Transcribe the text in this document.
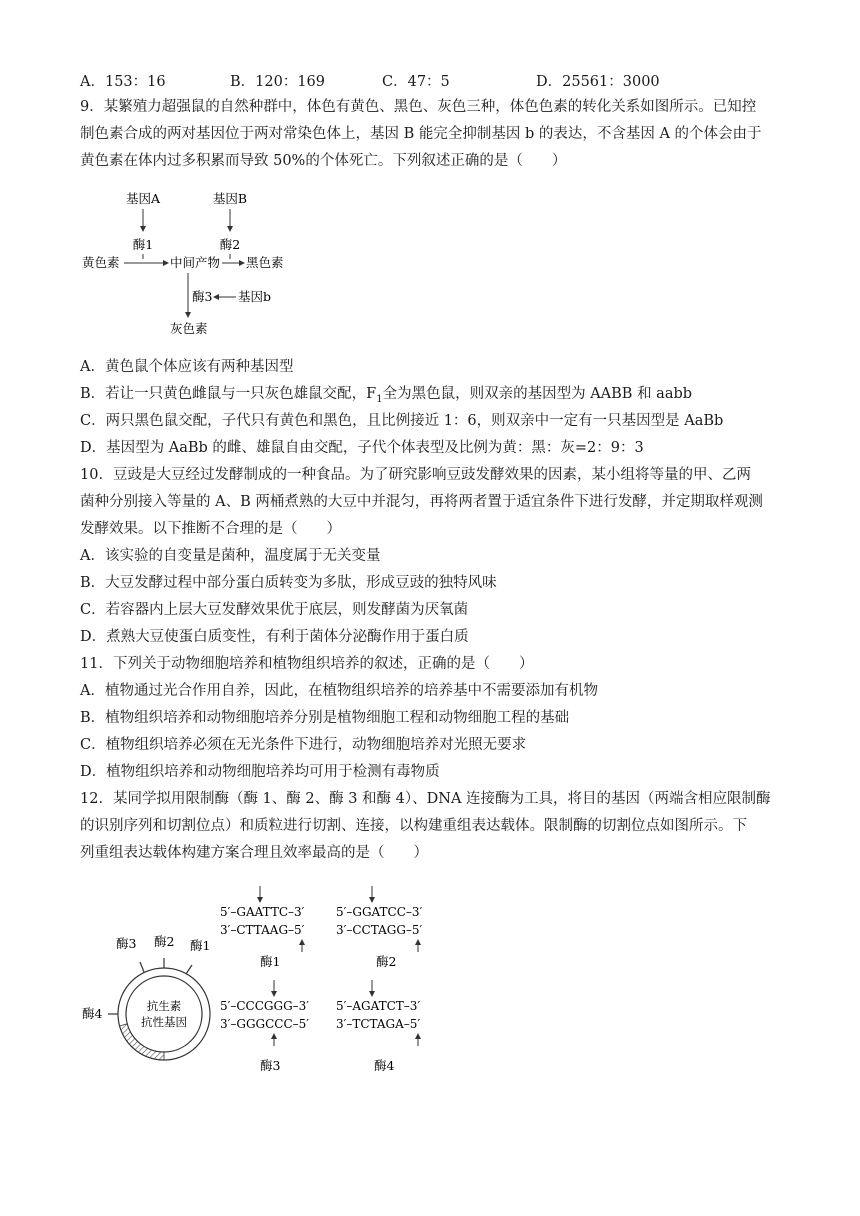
A．153：16	B．120：169	C．47：5	D．25561：3000
9．某繁殖力超强鼠的自然种群中，体色有黄色、黑色、灰色三种，体色色素的转化关系如图所示。已知控
制色素合成的两对基因位于两对常染色体上，基因 B 能完全抑制基因 b 的表达，不含基因 A 的个体会由于
黄色素在体内过多积累而导致 50%的个体死亡。下列叙述正确的是（　　）
基因A	基因B
酶1	酶2
黄色素	中间产物 黑色素
酶3 基因b
灰色素
A．黄色鼠个体应该有两种基因型
B．若让一只黄色雌鼠与一只灰色雄鼠交配，$F_1$全为黑色鼠，则双亲的基因型为 AABB 和 aabb
C．两只黑色鼠交配，子代只有黄色和黑色，且比例接近 1：6，则双亲中一定有一只基因型是 AaBb
D．基因型为 AaBb 的雌、雄鼠自由交配，子代个体表型及比例为黄：黑：灰=2：9：3
10．豆豉是大豆经过发酵制成的一种食品。为了研究影响豆豉发酵效果的因素，某小组将等量的甲、乙两
菌种分别接入等量的 A、B 两桶煮熟的大豆中并混匀，再将两者置于适宜条件下进行发酵，并定期取样观测
发酵效果。以下推断不合理的是（　　）
A．该实验的自变量是菌种，温度属于无关变量
B．大豆发酵过程中部分蛋白质转变为多肽，形成豆豉的独特风味
C．若容器内上层大豆发酵效果优于底层，则发酵菌为厌氧菌
D．煮熟大豆使蛋白质变性，有利于菌体分泌酶作用于蛋白质
11．下列关于动物细胞培养和植物组织培养的叙述，正确的是（　　）
A．植物通过光合作用自养，因此，在植物组织培养的培养基中不需要添加有机物
B．植物组织培养和动物细胞培养分别是植物细胞工程和动物细胞工程的基础
C．植物组织培养必须在无光条件下进行，动物细胞培养对光照无要求
D．植物组织培养和动物细胞培养均可用于检测有毒物质
12．某同学拟用限制酶（酶 1、酶 2、酶 3 和酶 4）、DNA 连接酶为工具，将目的基因（两端含相应限制酶
的识别序列和切割位点）和质粒进行切割、连接，以构建重组表达载体。限制酶的切割位点如图所示。下
列重组表达载体构建方案合理且效率最高的是（　　）
酶3 酶2 酶1
酶4	抗生素
抗性基因
5′–GAATTC–3′
3′–CTTAAG–5′
酶1
5′–GGATCC–3′
3′–CCTAGG–5′
酶2
5′–CCCGGG–3′
3′–GGGCCC–5′
酶3
5′–AGATCT–3′
3′–TCTAGA–5′
酶4
